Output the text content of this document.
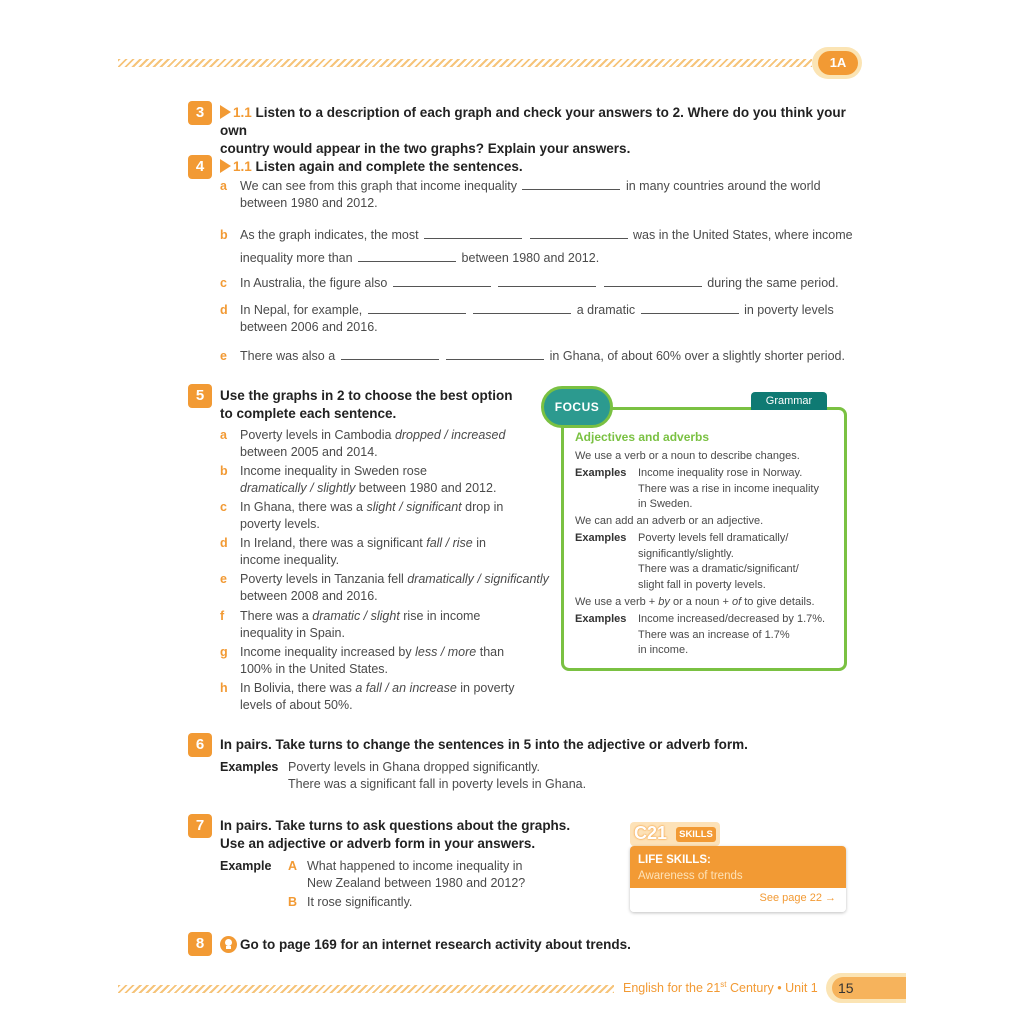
1A
3	1.1 Listen to a description of each graph and check your answers to 2. Where do you think your own
country would appear in the two graphs? Explain your answers.
4	1.1 Listen again and complete the sentences.
a We can see from this graph that income inequality	in many countries around the world
between 1980 and 2012.
b As the graph indicates, the most	was in the United States, where income
inequality more than	between 1980 and 2012.
c In Australia, the figure also	during the same period.
d In Nepal, for example,	a dramatic	in poverty levels
between 2006 and 2016.
e There was also a	in Ghana, of about 60% over a slightly shorter period.
5	Use the graphs in 2 to choose the best option
to complete each sentence.
a Poverty levels in Cambodia dropped / increased
between 2005 and 2014.
b Income inequality in Sweden rose
dramatically / slightly between 1980 and 2012.
c In Ghana, there was a slight / significant drop in
poverty levels.
d In Ireland, there was a significant fall / rise in
income inequality.
e Poverty levels in Tanzania fell dramatically / significantly
between 2008 and 2016.
f There was a dramatic / slight rise in income
inequality in Spain.
g Income inequality increased by less / more than
100% in the United States.
h In Bolivia, there was a fall / an increase in poverty
levels of about 50%.
FOCUS	Grammar
Adjectives and adverbs
We use a verb or a noun to describe changes.
Examples Income inequality rose in Norway.
There was a rise in income inequality
in Sweden.
We can add an adverb or an adjective.
Examples Poverty levels fell dramatically/
significantly/slightly.
There was a dramatic/significant/
slight fall in poverty levels.
We use a verb + by or a noun + of to give details.
Examples Income increased/decreased by 1.7%.
There was an increase of 1.7%
in income.
6	In pairs. Take turns to change the sentences in 5 into the adjective or adverb form.
Examples Poverty levels in Ghana dropped significantly.
There was a significant fall in poverty levels in Ghana.
7	In pairs. Take turns to ask questions about the graphs.
Use an adjective or adverb form in your answers.
Example A What happened to income inequality in
New Zealand between 1980 and 2012?
B It rose significantly.
C21	SKILLS
LIFE SKILLS:
Awareness of trends
See page 22 →
8	Go to page 169 for an internet research activity about trends.
English for the 21st Century • Unit 1	15
